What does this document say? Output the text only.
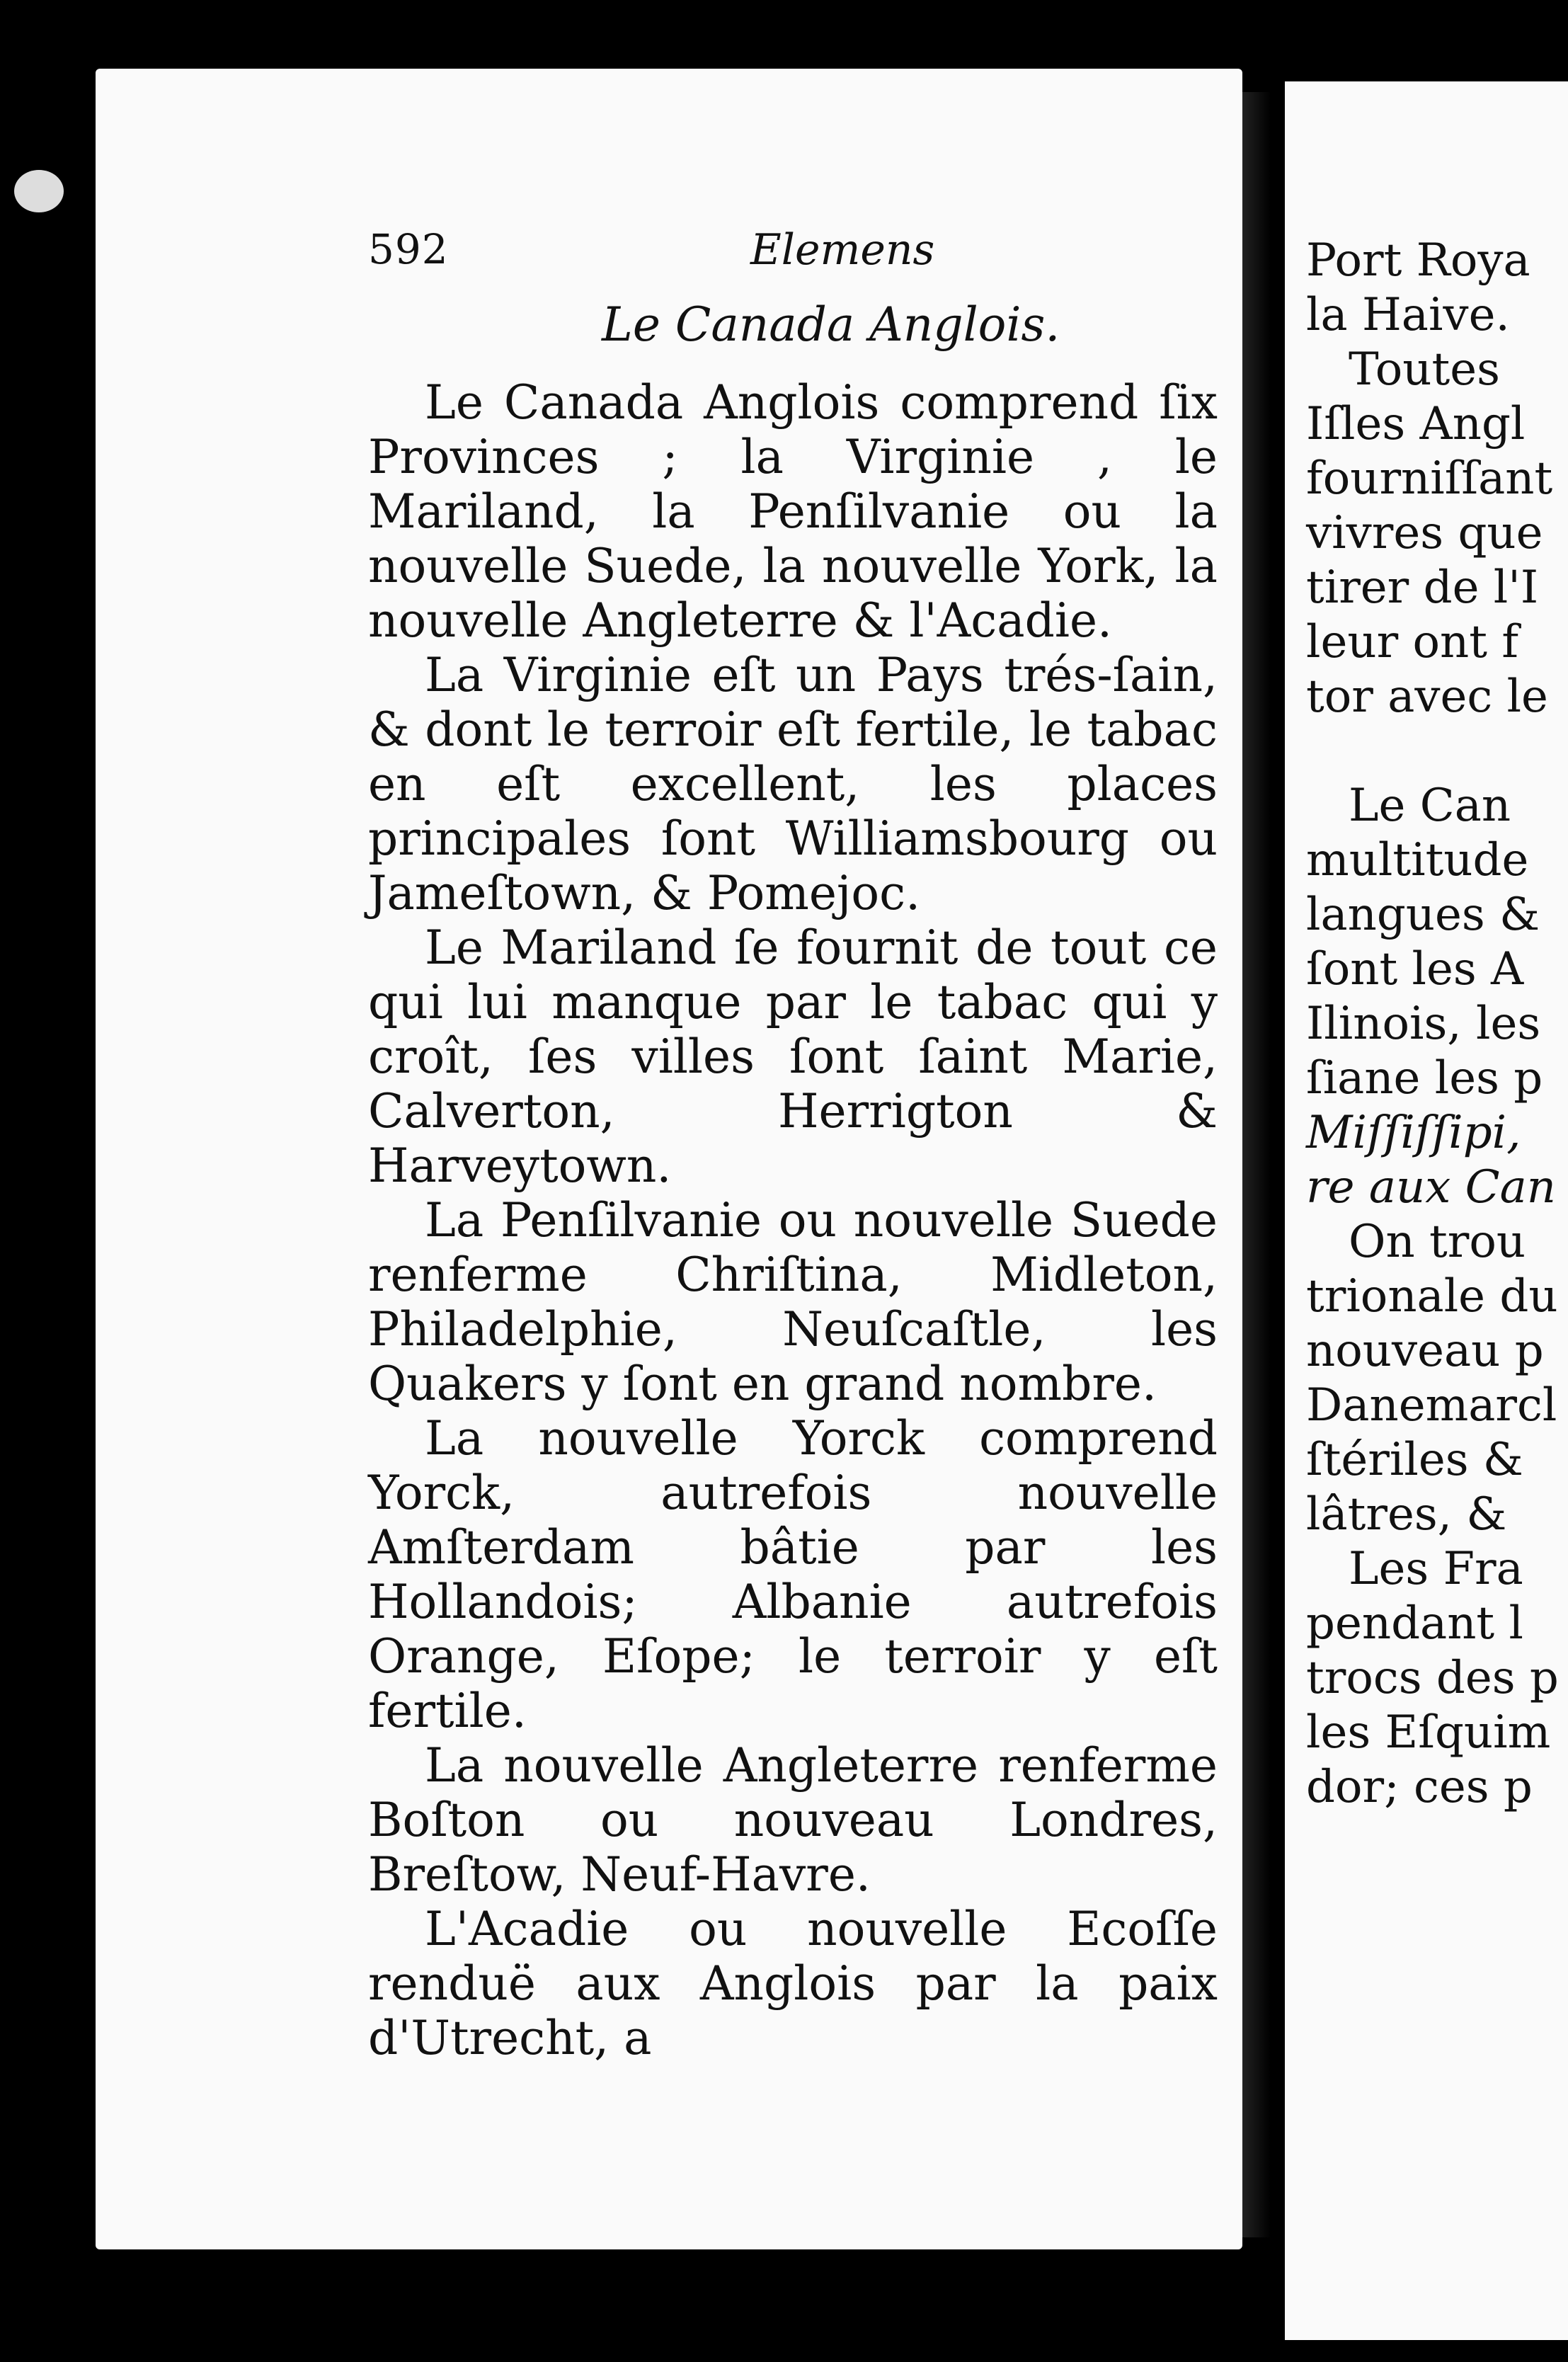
592	Elemens
Le Canada Anglois.

Le Canada Anglois comprend ſix Provinces ; la Virginie , le Mariland, la Penſilvanie ou la nouvelle Suede, la nouvelle York, la nouvelle Angleterre & l'Acadie.

La Virginie eſt un Pays trés-ſain, & dont le terroir eſt fertile, le tabac en eſt excellent, les places principales ſont Williamsbourg ou Jameſtown, & Pomejoc.

Le Mariland ſe fournit de tout ce qui lui manque par le tabac qui y croît, ſes villes ſont ſaint Marie, Calverton, Herrigton & Harveytown.

La Penſilvanie ou nouvelle Suede renferme Chriſtina, Midleton, Philadelphie, Neuſcaſtle, les Quakers y ſont en grand nombre.

La nouvelle Yorck comprend Yorck, autrefois nouvelle Amſterdam bâtie par les Hollandois; Albanie autrefois Orange, Eſope; le terroir y eſt fertile.

La nouvelle Angleterre renferme Boſton ou nouveau Londres, Breſtow, Neuf-Havre.

L'Acadie ou nouvelle Ecoſſe renduë aux Anglois par la paix d'Utrecht, a

Port Roya
la Haive.
Toutes
Iſles Angl
fourniſſant
vivres que
tirer de l'I
leur ont f
tor avec le
Le Can
multitude
langues &
ſont les A
Ilinois, les
ſiane les p
Miſſiſſipi,
re aux Can
On trou
trionale du
nouveau p
Danemarcl
ſtériles &
lâtres, &
Les Fra
pendant l
trocs des p
les Eſquim
dor; ces p
